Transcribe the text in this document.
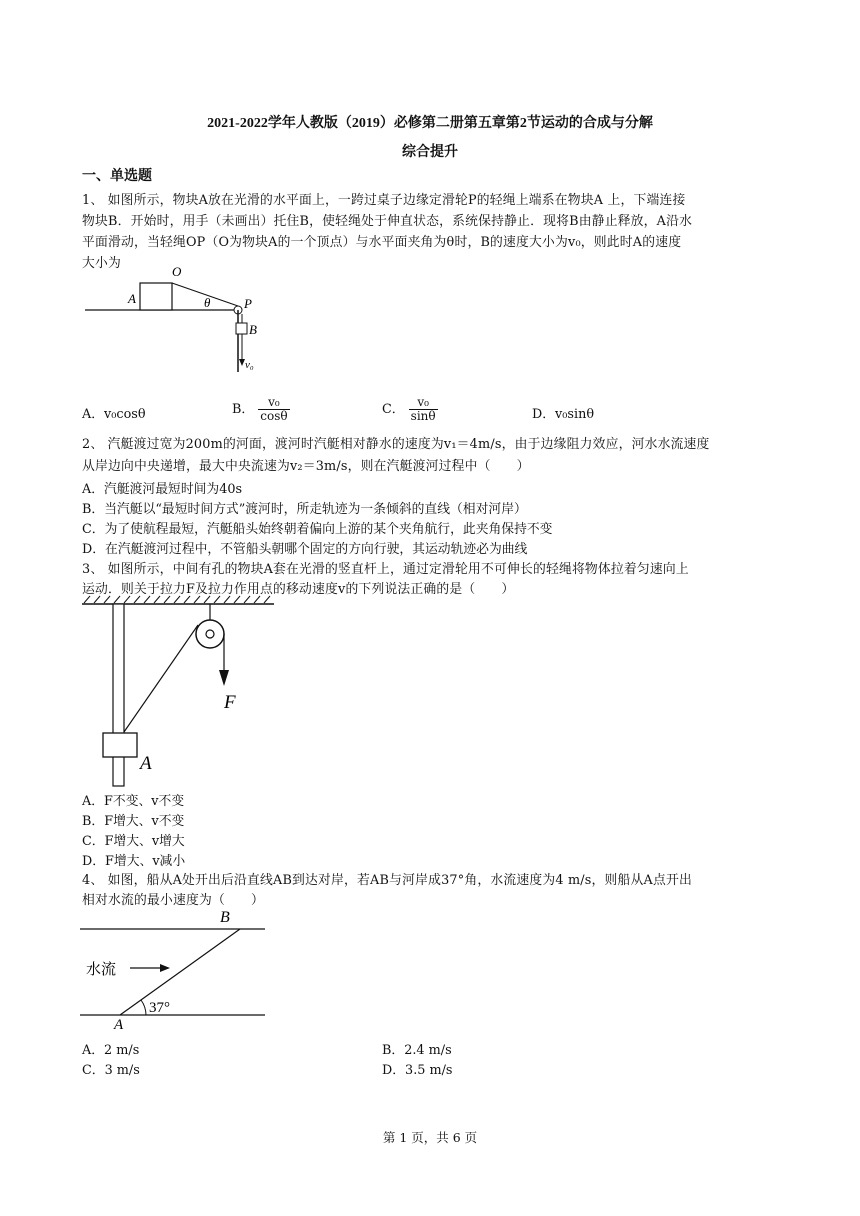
2021-2022学年人教版（2019）必修第二册第五章第2节运动的合成与分解
综合提升
一、单选题
1、 如图所示，物块A放在光滑的水平面上，一跨过桌子边缘定滑轮P的轻绳上端系在物块A 上，下端连接
物块B．开始时，用手（未画出）托住B，使轻绳处于伸直状态，系统保持静止．现将B由静止释放，A沿水
平面滑动，当轻绳OP（O为物块A的一个顶点）与水平面夹角为θ时，B的速度大小为v₀，则此时A的速度
大小为
O
A	θ	P
B
v₀
A．v₀cosθ	B． $\frac{\text{v₀}}{\cos\theta}$	C． $\frac{\text{v₀}}{\sin\theta}$	D．v₀sinθ
2、 汽艇渡过宽为200m的河面，渡河时汽艇相对静水的速度为v₁＝4m/s，由于边缘阻力效应，河水水流速度
从岸边向中央递增，最大中央流速为v₂＝3m/s，则在汽艇渡河过程中（　　）
A．汽艇渡河最短时间为40s
B．当汽艇以“最短时间方式”渡河时，所走轨迹为一条倾斜的直线（相对河岸）
C．为了使航程最短，汽艇船头始终朝着偏向上游的某个夹角航行，此夹角保持不变
D．在汽艇渡河过程中，不管船头朝哪个固定的方向行驶，其运动轨迹必为曲线
3、 如图所示，中间有孔的物块A套在光滑的竖直杆上，通过定滑轮用不可伸长的轻绳将物体拉着匀速向上
运动．则关于拉力F及拉力作用点的移动速度v的下列说法正确的是（　　）
F
A
A．F不变、v不变
B．F增大、v不变
C．F增大、v增大
D．F增大、v减小
4、 如图，船从A处开出后沿直线AB到达对岸，若AB与河岸成37°角，水流速度为4 m/s，则船从A点开出
相对水流的最小速度为（　　）
水流
B
A
37°
A．2 m/s	B．2.4 m/s
C．3 m/s	D．3.5 m/s
第 1 页，共 6 页
